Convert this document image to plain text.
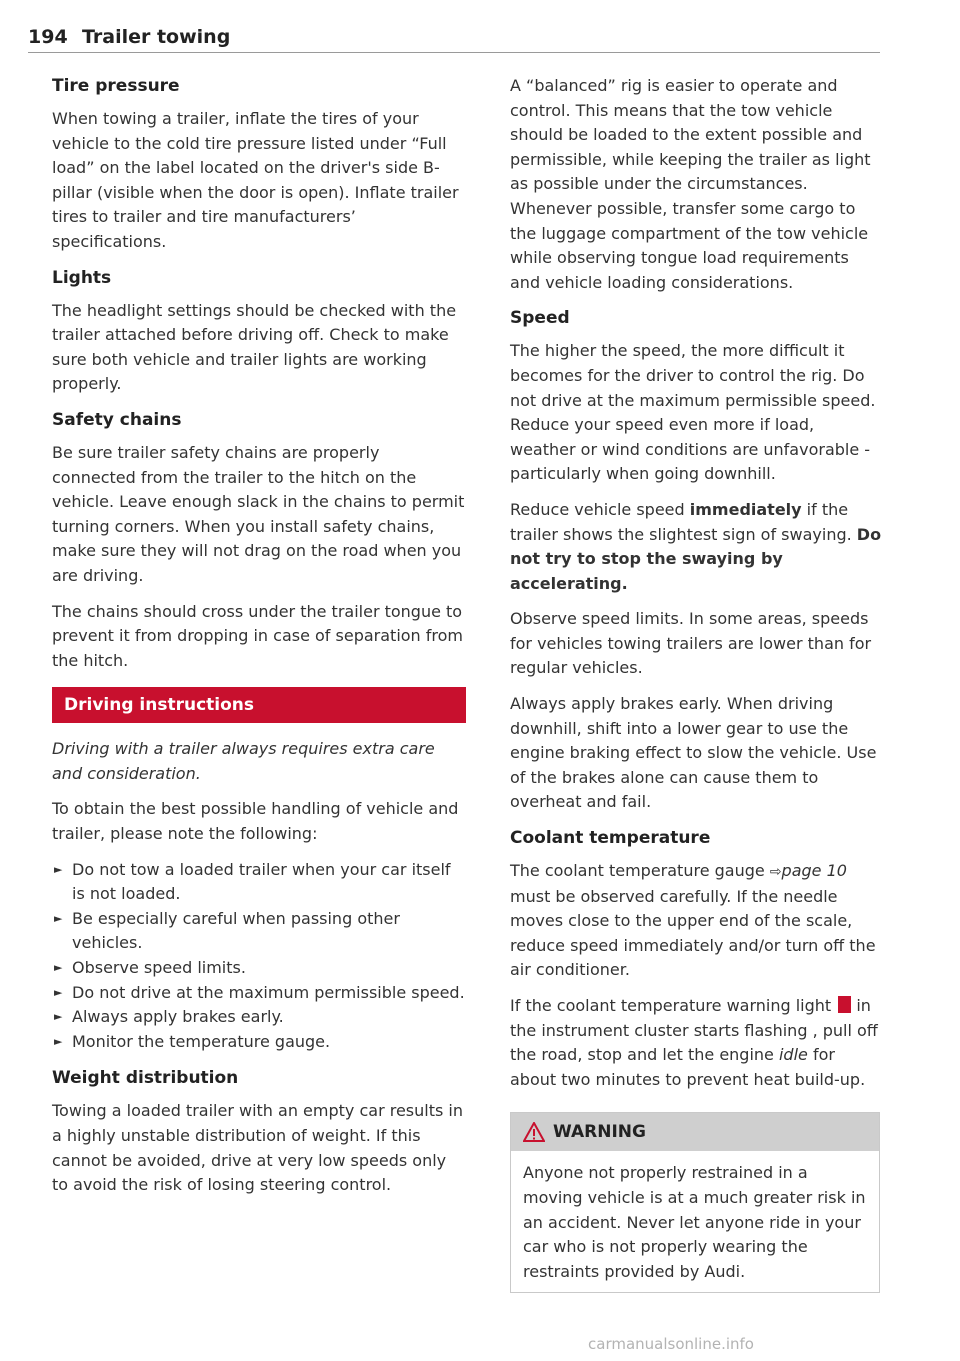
194 Trailer towing
Tire pressure

When towing a trailer, inflate the tires of your vehicle to the cold tire pressure listed under “Full load” on the label located on the driver's side B-pillar (visible when the door is open). Inflate trailer tires to trailer and tire manufacturers’ specifications.

Lights

The headlight settings should be checked with the trailer attached before driving off. Check to make sure both vehicle and trailer lights are working properly.

Safety chains

Be sure trailer safety chains are properly connected from the trailer to the hitch on the vehicle. Leave enough slack in the chains to permit turning corners. When you install safety chains, make sure they will not drag on the road when you are driving.

The chains should cross under the trailer tongue to prevent it from dropping in case of separation from the hitch.

Driving instructions

Driving with a trailer always requires extra care and consideration.

To obtain the best possible handling of vehicle and trailer, please note the following:

► Do not tow a loaded trailer when your car itself is not loaded.
► Be especially careful when passing other vehicles.
► Observe speed limits.
► Do not drive at the maximum permissible speed.
► Always apply brakes early.
► Monitor the temperature gauge.
Weight distribution

Towing a loaded trailer with an empty car results in a highly unstable distribution of weight. If this cannot be avoided, drive at very low speeds only to avoid the risk of losing steering control.

A “balanced” rig is easier to operate and control. This means that the tow vehicle should be loaded to the extent possible and permissible, while keeping the trailer as light as possible under the circumstances. Whenever possible, transfer some cargo to the luggage compartment of the tow vehicle while observing tongue load requirements and vehicle loading considerations.

Speed

The higher the speed, the more difficult it becomes for the driver to control the rig. Do not drive at the maximum permissible speed. Reduce your speed even more if load, weather or wind conditions are unfavorable - particularly when going downhill.

Reduce vehicle speed immediately if the trailer shows the slightest sign of swaying. Do not try to stop the swaying by accelerating.

Observe speed limits. In some areas, speeds for vehicles towing trailers are lower than for regular vehicles.

Always apply brakes early. When driving downhill, shift into a lower gear to use the engine braking effect to slow the vehicle. Use of the brakes alone can cause them to overheat and fail.

Coolant temperature

The coolant temperature gauge ⇨page 10 must be observed carefully. If the needle moves close to the upper end of the scale, reduce speed immediately and/or turn off the air conditioner.

If the coolant temperature warning light  in the instrument cluster starts flashing , pull off the road, stop and let the engine idle for about two minutes to prevent heat build-up.

WARNING

Anyone not properly restrained in a moving vehicle is at a much greater risk in an accident. Never let anyone ride in your car who is not properly wearing the restraints provided by Audi.

carmanualsonline.info
